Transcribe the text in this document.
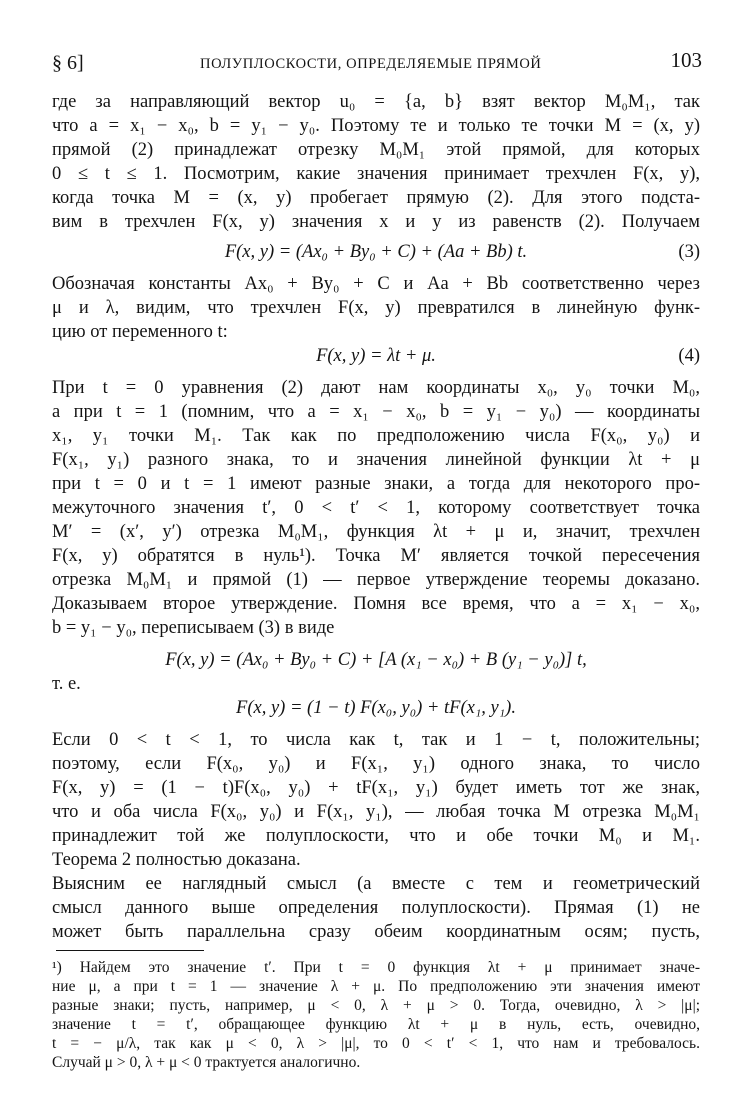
§ 6]	ПОЛУПЛОСКОСТИ, ОПРЕДЕЛЯЕМЫЕ ПРЯМОЙ	103
где за направляющий вектор u₀ = {a, b} взят вектор M₀M₁, так
что a = x₁ − x₀, b = y₁ − y₀. Поэтому те и только те точки M = (x, y)
прямой (2) принадлежат отрезку M₀M₁ этой прямой, для которых
0 ≤ t ≤ 1. Посмотрим, какие значения принимает трехчлен F(x, y),
когда точка M = (x, y) пробегает прямую (2). Для этого подста-
вим в трехчлен F(x, y) значения x и y из равенств (2). Получаем
F(x, y) = (Ax₀ + By₀ + C) + (Aa + Bb) t.	(3)
Обозначая константы Ax₀ + By₀ + C и Aa + Bb соответственно через
μ и λ, видим, что трехчлен F(x, y) превратился в линейную функ-
цию от переменного t:
F(x, y) = λt + μ.	(4)
При t = 0 уравнения (2) дают нам координаты x₀, y₀ точки M₀,
а при t = 1 (помним, что a = x₁ − x₀, b = y₁ − y₀) — координаты
x₁, y₁ точки M₁. Так как по предположению числа F(x₀, y₀) и
F(x₁, y₁) разного знака, то и значения линейной функции λt + μ
при t = 0 и t = 1 имеют разные знаки, а тогда для некоторого про-
межуточного значения t′, 0 < t′ < 1, которому соответствует точка
M′ = (x′, y′) отрезка M₀M₁, функция λt + μ и, значит, трехчлен
F(x, y) обратятся в нуль¹). Точка M′ является точкой пересечения
отрезка M₀M₁ и прямой (1) — первое утверждение теоремы доказано.
Доказываем второе утверждение. Помня все время, что a = x₁ − x₀,
b = y₁ − y₀, переписываем (3) в виде
F(x, y) = (Ax₀ + By₀ + C) + [A (x₁ − x₀) + B (y₁ − y₀)] t,
т. е.
F(x, y) = (1 − t) F(x₀, y₀) + tF(x₁, y₁).
Если 0 < t < 1, то числа как t, так и 1 − t, положительны;
поэтому, если F(x₀, y₀) и F(x₁, y₁) одного знака, то число
F(x, y) = (1 − t)F(x₀, y₀) + tF(x₁, y₁) будет иметь тот же знак,
что и оба числа F(x₀, y₀) и F(x₁, y₁), — любая точка M отрезка M₀M₁
принадлежит той же полуплоскости, что и обе точки M₀ и M₁.
Теорема 2 полностью доказана.
Выясним ее наглядный смысл (а вместе с тем и геометрический
смысл данного выше определения полуплоскости). Прямая (1) не
может быть параллельна сразу обеим координатным осям; пусть,
¹) Найдем это значение t′. При t = 0 функция λt + μ принимает значе-
ние μ, а при t = 1 — значение λ + μ. По предположению эти значения имеют
разные знаки; пусть, например, μ < 0, λ + μ > 0. Тогда, очевидно, λ > |μ|;
значение t = t′, обращающее функцию λt + μ в нуль, есть, очевидно,
t = − μ/λ, так как μ < 0, λ > |μ|, то 0 < t′ < 1, что нам и требовалось.
Случай μ > 0, λ + μ < 0 трактуется аналогично.
